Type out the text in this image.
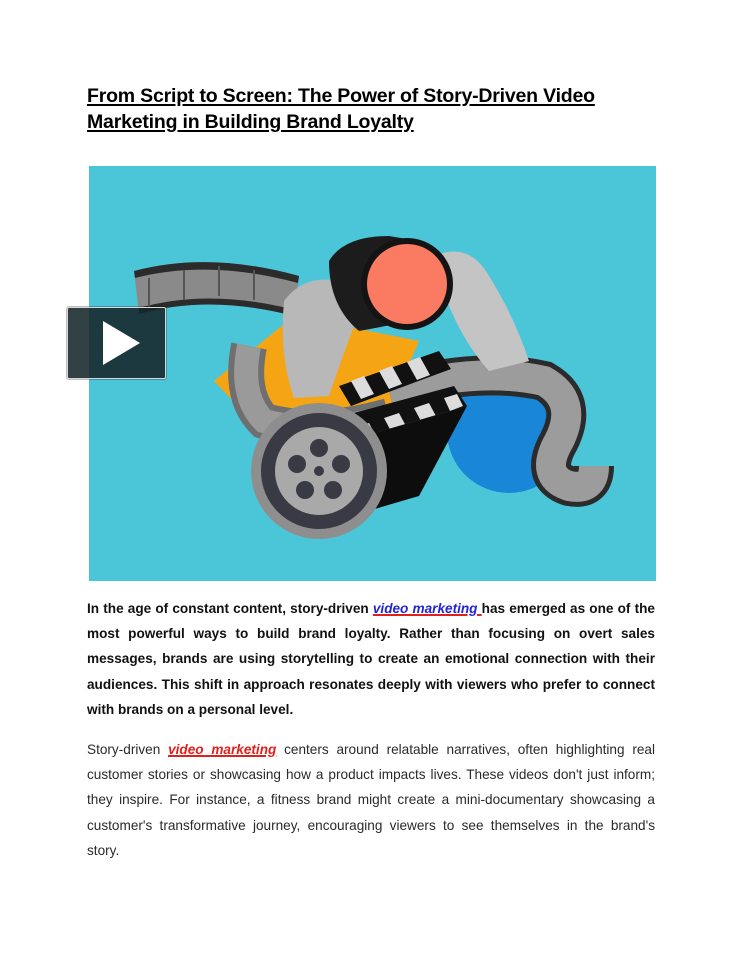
From Script to Screen: The Power of Story-Driven Video Marketing in Building Brand Loyalty

In the age of constant content, story-driven video marketing has emerged as one of the most powerful ways to build brand loyalty. Rather than focusing on overt sales messages, brands are using storytelling to create an emotional connection with their audiences. This shift in approach resonates deeply with viewers who prefer to connect with brands on a personal level.

Story-driven video marketing centers around relatable narratives, often highlighting real customer stories or showcasing how a product impacts lives. These videos don't just inform; they inspire. For instance, a fitness brand might create a mini-documentary showcasing a customer's transformative journey, encouraging viewers to see themselves in the brand's story.
